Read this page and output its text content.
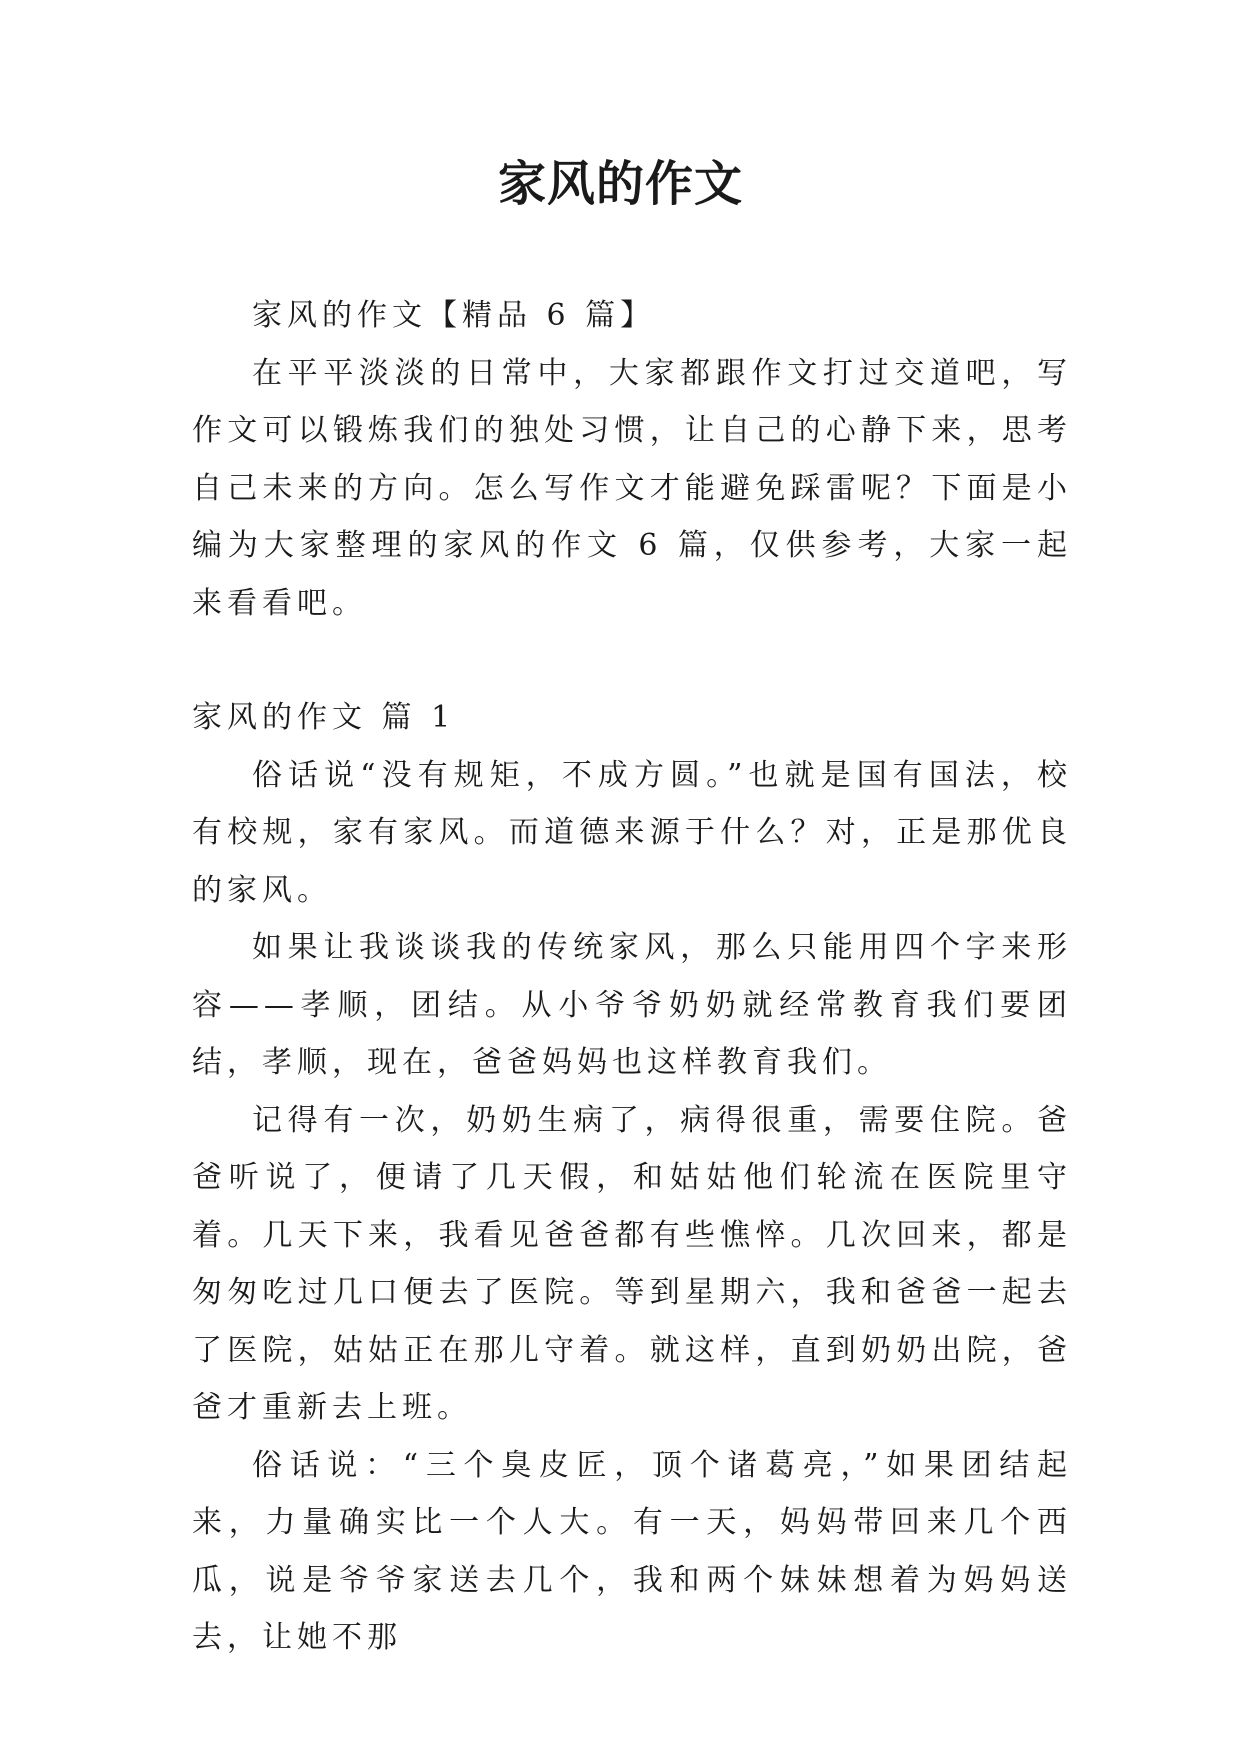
家风的作文

家风的作文【精品 6 篇】

在平平淡淡的日常中，大家都跟作文打过交道吧，写作文可以锻炼我们的独处习惯，让自己的心静下来，思考自己未来的方向。怎么写作文才能避免踩雷呢？下面是小编为大家整理的家风的作文 6 篇，仅供参考，大家一起来看看吧。

家风的作文 篇 1

俗话说“没有规矩，不成方圆。”也就是国有国法，校有校规，家有家风。而道德来源于什么？对，正是那优良的家风。

如果让我谈谈我的传统家风，那么只能用四个字来形容——孝顺，团结。从小爷爷奶奶就经常教育我们要团结，孝顺，现在，爸爸妈妈也这样教育我们。

记得有一次，奶奶生病了，病得很重，需要住院。爸爸听说了，便请了几天假，和姑姑他们轮流在医院里守着。几天下来，我看见爸爸都有些憔悴。几次回来，都是匆匆吃过几口便去了医院。等到星期六，我和爸爸一起去了医院，姑姑正在那儿守着。就这样，直到奶奶出院，爸爸才重新去上班。

俗话说：“三个臭皮匠，顶个诸葛亮，”如果团结起来，力量确实比一个人大。有一天，妈妈带回来几个西瓜，说是爷爷家送去几个，我和两个妹妹想着为妈妈送去，让她不那
